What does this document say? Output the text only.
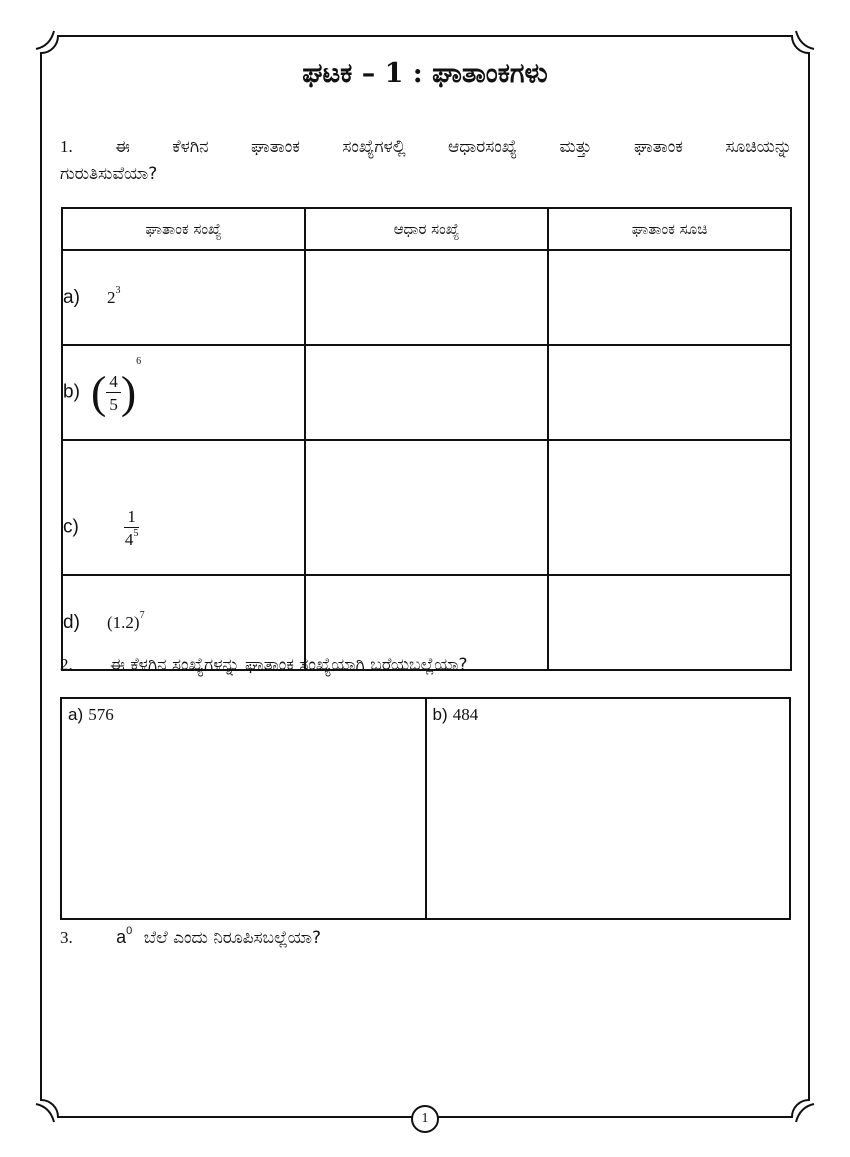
ಘಟಕ – 1 : ಘಾತಾಂಕಗಳು
1. ಈ ಕೆಳಗಿನ ಘಾತಾಂಕ ಸಂಖ್ಯೆಗಳಲ್ಲಿ ಆಧಾರಸಂಖ್ಯೆ ಮತ್ತು ಘಾತಾಂಕ ಸೂಚಿಯನ್ನು
ಗುರುತಿಸುವೆಯಾ?
ಘಾತಾಂಕ ಸಂಖ್ಯೆ	ಆಧಾರ ಸಂಖ್ಯೆ	ಘಾತಾಂಕ ಸೂಚಿ
a) $2^3$		
b) ( $\frac{4}{5} )^6$		
$c) \frac{1}{4^5}$

d) $(1.2)^7$		
2. ಈ ಕೆಳಗಿನ ಸಂಖ್ಯೆಗಳನ್ನು ಘಾತಾಂಕ ಸಂಖ್ಯೆಯಾಗಿ ಬರೆಯಬಲ್ಲೆಯಾ?
a) 576	b) 484
3. $a^0$ ಬೆಲೆ ಎಂದು ನಿರೂಪಿಸಬಲ್ಲೆಯಾ?
1
